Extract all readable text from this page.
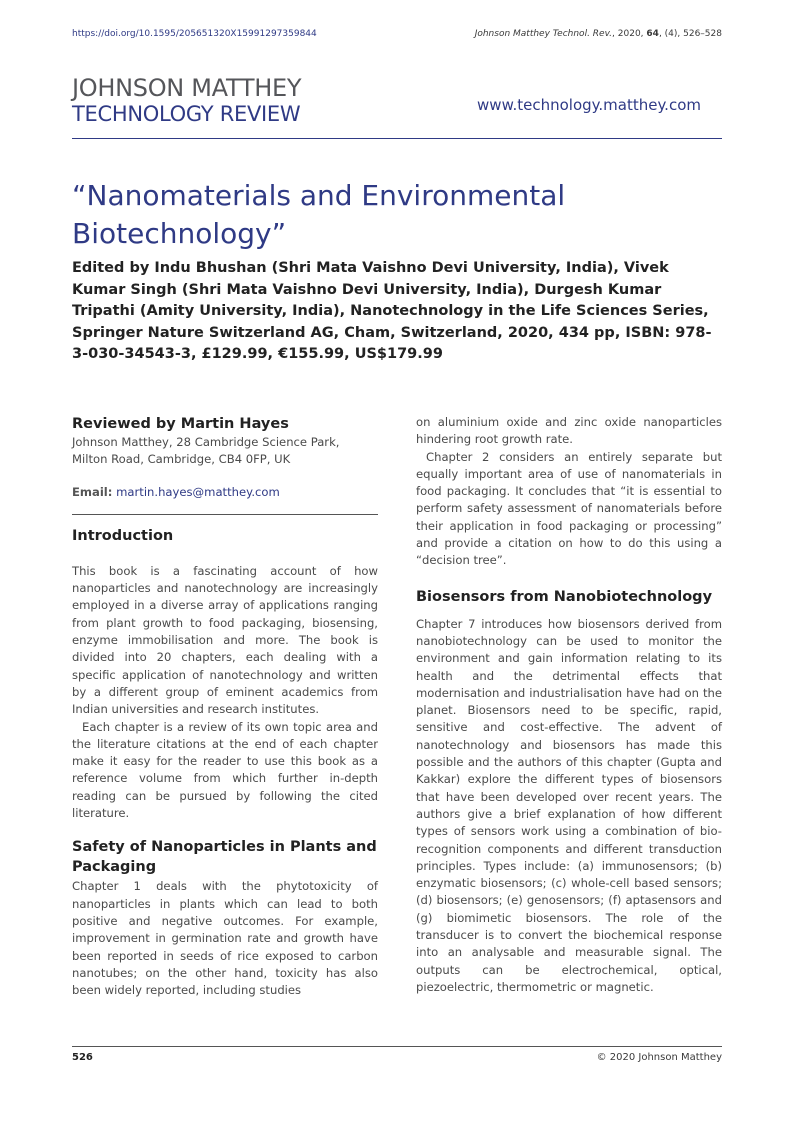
https://doi.org/10.1595/205651320X15991297359844	Johnson Matthey Technol. Rev., 2020, 64, (4), 526–528
JOHNSON MATTHEY
TECHNOLOGY REVIEW	www.technology.matthey.com
“Nanomaterials and Environmental Biotechnology”
Edited by Indu Bhushan (Shri Mata Vaishno Devi University, India), Vivek Kumar Singh (Shri Mata Vaishno Devi University, India), Durgesh Kumar Tripathi (Amity University, India), Nanotechnology in the Life Sciences Series, Springer Nature Switzerland AG, Cham, Switzerland, 2020, 434 pp, ISBN: 978-3-030-34543-3, £129.99, €155.99, US$179.99
Reviewed by Martin Hayes
Johnson Matthey, 28 Cambridge Science Park,
Milton Road, Cambridge, CB4 0FP, UK
Email: martin.hayes@matthey.com
Introduction

This book is a fascinating account of how nanoparticles and nanotechnology are increasingly employed in a diverse array of applications ranging from plant growth to food packaging, biosensing, enzyme immobilisation and more. The book is divided into 20 chapters, each dealing with a specific application of nanotechnology and written by a different group of eminent academics from Indian universities and research institutes.

Each chapter is a review of its own topic area and the literature citations at the end of each chapter make it easy for the reader to use this book as a reference volume from which further in-depth reading can be pursued by following the cited literature.

Safety of Nanoparticles in Plants and Packaging

Chapter 1 deals with the phytotoxicity of nanoparticles in plants which can lead to both positive and negative outcomes. For example, improvement in germination rate and growth have been reported in seeds of rice exposed to carbon nanotubes; on the other hand, toxicity has also been widely reported, including studies

on aluminium oxide and zinc oxide nanoparticles hindering root growth rate.

Chapter 2 considers an entirely separate but equally important area of use of nanomaterials in food packaging. It concludes that “it is essential to perform safety assessment of nanomaterials before their application in food packaging or processing” and provide a citation on how to do this using a “decision tree”.

Biosensors from Nanobiotechnology

Chapter 7 introduces how biosensors derived from nanobiotechnology can be used to monitor the environment and gain information relating to its health and the detrimental effects that modernisation and industrialisation have had on the planet. Biosensors need to be specific, rapid, sensitive and cost-effective. The advent of nanotechnology and biosensors has made this possible and the authors of this chapter (Gupta and Kakkar) explore the different types of biosensors that have been developed over recent years. The authors give a brief explanation of how different types of sensors work using a combination of bio-recognition components and different transduction principles. Types include: (a) immunosensors; (b) enzymatic biosensors; (c) whole-cell based sensors; (d) biosensors; (e) genosensors; (f) aptasensors and (g) biomimetic biosensors. The role of the transducer is to convert the biochemical response into an analysable and measurable signal. The outputs can be electrochemical, optical, piezoelectric, thermometric or magnetic.

526	© 2020 Johnson Matthey
